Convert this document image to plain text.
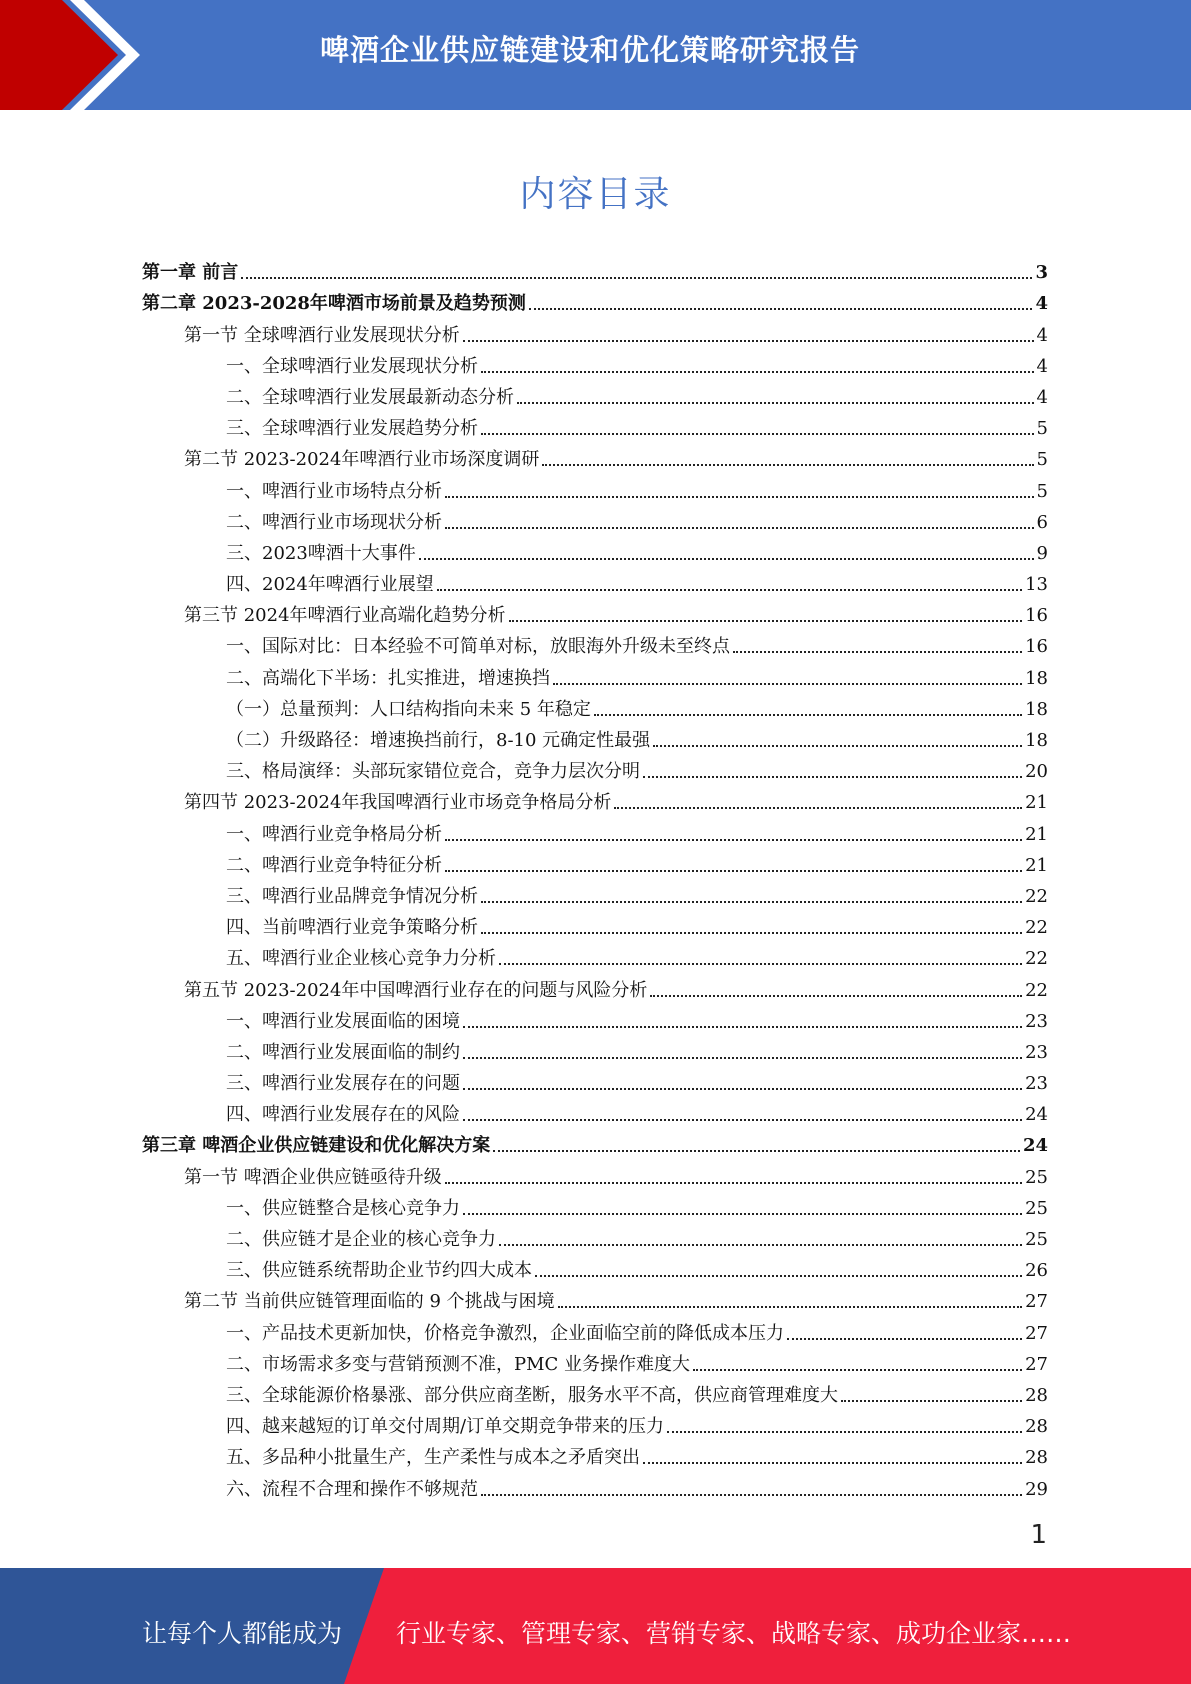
啤酒企业供应链建设和优化策略研究报告
内容目录
第一章 前言	3
第二章 2023-2028年啤酒市场前景及趋势预测	4
第一节 全球啤酒行业发展现状分析	4
一、全球啤酒行业发展现状分析	4
二、全球啤酒行业发展最新动态分析	4
三、全球啤酒行业发展趋势分析	5
第二节 2023-2024年啤酒行业市场深度调研	5
一、啤酒行业市场特点分析	5
二、啤酒行业市场现状分析	6
三、2023啤酒十大事件	9
四、2024年啤酒行业展望	13
第三节 2024年啤酒行业高端化趋势分析	16
一、国际对比：日本经验不可简单对标，放眼海外升级未至终点	16
二、高端化下半场：扎实推进，增速换挡	18
（一）总量预判：人口结构指向未来 5 年稳定	18
（二）升级路径：增速换挡前行，8-10 元确定性最强	18
三、格局演绎：头部玩家错位竞合，竞争力层次分明	20
第四节 2023-2024年我国啤酒行业市场竞争格局分析	21
一、啤酒行业竞争格局分析	21
二、啤酒行业竞争特征分析	21
三、啤酒行业品牌竞争情况分析	22
四、当前啤酒行业竞争策略分析	22
五、啤酒行业企业核心竞争力分析	22
第五节 2023-2024年中国啤酒行业存在的问题与风险分析	22
一、啤酒行业发展面临的困境	23
二、啤酒行业发展面临的制约	23
三、啤酒行业发展存在的问题	23
四、啤酒行业发展存在的风险	24
第三章 啤酒企业供应链建设和优化解决方案	24
第一节 啤酒企业供应链亟待升级	25
一、供应链整合是核心竞争力	25
二、供应链才是企业的核心竞争力	25
三、供应链系统帮助企业节约四大成本	26
第二节 当前供应链管理面临的 9 个挑战与困境	27
一、产品技术更新加快，价格竞争激烈，企业面临空前的降低成本压力	27
二、市场需求多变与营销预测不准，PMC 业务操作难度大	27
三、全球能源价格暴涨、部分供应商垄断，服务水平不高，供应商管理难度大	28
四、越来越短的订单交付周期/订单交期竞争带来的压力	28
五、多品种小批量生产，生产柔性与成本之矛盾突出	28
六、流程不合理和操作不够规范	29
1
让每个人都能成为 行业专家、管理专家、营销专家、战略专家、成功企业家……
